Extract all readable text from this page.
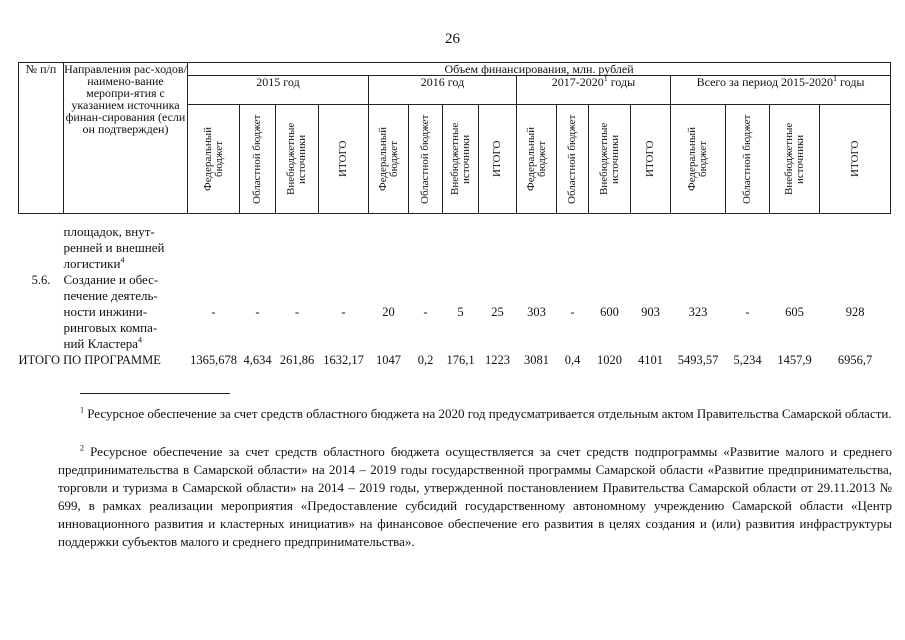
26
№ п/п	Направления рас-ходов/ наимено-вание меропри-ятия с указанием источника финан-сирования (если он подтвержден)	Объем финансирования, млн. рублей															
		2015 год				2016 год				2017-2020$^1$ годы				Всего за период 2015-2020$^1$ годы			

		Федеральный бюджет	Областной бюджет	Внебюджетные источники	ИТОГО	Федеральный бюджет	Областной бюджет	Внебюджетные источники	ИТОГО	Федеральный бюджет	Областной бюджет	Внебюджетные источники	ИТОГО	Федеральный бюджет	Областной бюджет	Внебюджетные источники	ИТОГО

	площадок, внут-
ренней и внешней
логистики$^4$

5.6.	Создание и обес-
печение деятель-
ности инжини-
ринговых компа-
ний Кластера$^4$	-	-	-	-	20	-	5	25	303	-	600	903	323	-	605	928
ИТОГО ПО ПРОГРАММЕ		1365,678	4,634	261,86	1632,17	1047	0,2	176,1	1223	3081	0,4	1020	4101	5493,57	5,234	1457,9	6956,7
$^1$ Ресурсное обеспечение за счет средств областного бюджета на 2020 год предусматривается отдельным актом Правительства Самарской области.
$^2$ Ресурсное обеспечение за счет средств областного бюджета осуществляется за счет средств подпрограммы «Развитие малого и среднего предпринимательства в Самарской области» на 2014 – 2019 годы государственной программы Самарской области «Развитие предпринимательства, торговли и туризма в Самарской области» на 2014 – 2019 годы, утвержденной постановлением Правительства Самарской области от 29.11.2013 № 699, в рамках реализации мероприятия «Предоставление субсидий государственному автономному учреждению Самарской области «Центр инновационного развития и кластерных инициатив» на финансовое обеспечение его развития в целях создания и (или) развития инфраструктуры поддержки субъектов малого и среднего предпринимательства».
